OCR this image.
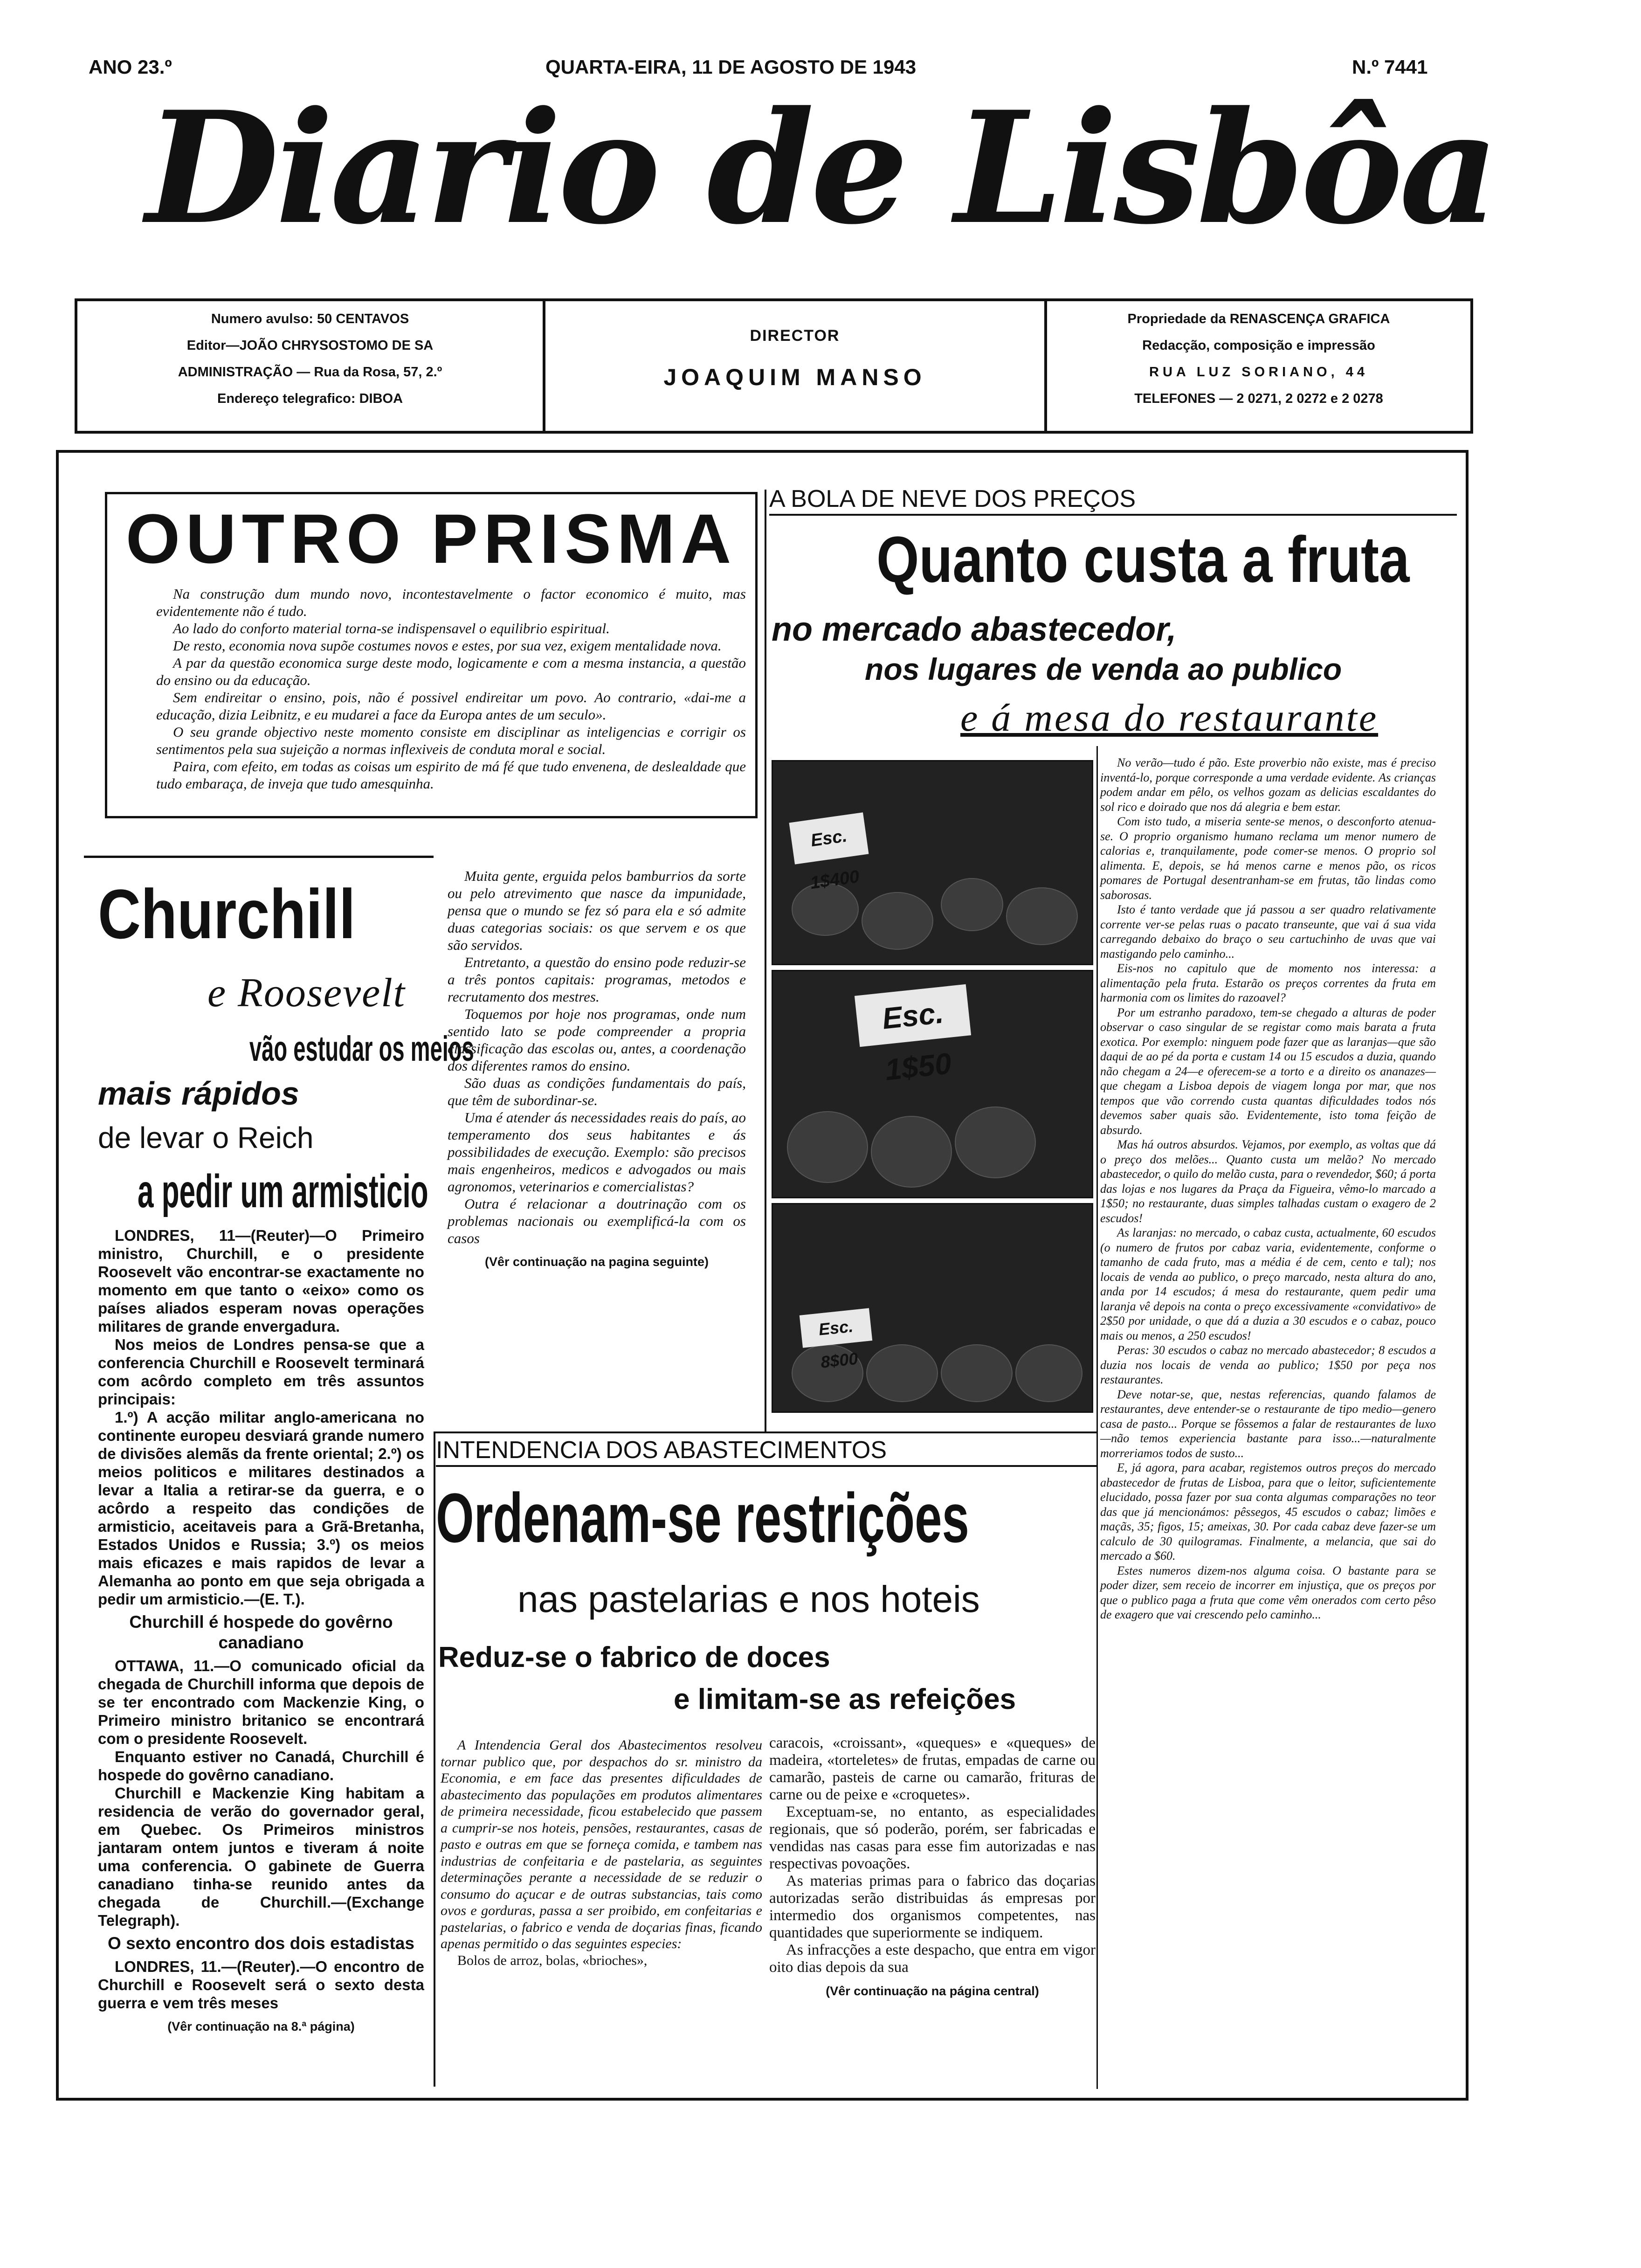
ANO 23.º	QUARTA-EIRA, 11 DE AGOSTO DE 1943	N.º 7441
Diario de Lisbôa
Numero avulso: 50 CENTAVOS
Editor—JOÃO CHRYSOSTOMO DE SA
ADMINISTRAÇÃO — Rua da Rosa, 57, 2.º
Endereço telegrafico: DIBOA
DIRECTOR
JOAQUIM MANSO
Propriedade da RENASCENÇA GRAFICA
Redacção, composição e impressão
RUA LUZ SORIANO, 44
TELEFONES — 2 0271, 2 0272 e 2 0278
OUTRO PRISMA

Na construção dum mundo novo, incontestavelmente o factor economico é muito, mas evidentemente não é tudo.

Ao lado do conforto material torna-se indispensavel o equilibrio espiritual.

De resto, economia nova supõe costumes novos e estes, por sua vez, exigem mentalidade nova.

A par da questão economica surge deste modo, logicamente e com a mesma instancia, a questão do ensino ou da educação.

Sem endireitar o ensino, pois, não é possivel endireitar um povo. Ao contrario, «dai-me a educação, dizia Leibnitz, e eu mudarei a face da Europa antes de um seculo».

O seu grande objectivo neste momento consiste em disciplinar as inteligencias e corrigir os sentimentos pela sua sujeição a normas inflexiveis de conduta moral e social.

Paira, com efeito, em todas as coisas um espirito de má fé que tudo envenena, de deslealdade que tudo embaraça, de inveja que tudo amesquinha.

Muita gente, erguida pelos bamburrios da sorte ou pelo atrevimento que nasce da impunidade, pensa que o mundo se fez só para ela e só admite duas categorias sociais: os que servem e os que são servidos.

Entretanto, a questão do ensino pode reduzir-se a três pontos capitais: programas, metodos e recrutamento dos mestres.

Toquemos por hoje nos programas, onde num sentido lato se pode compreender a propria classificação das escolas ou, antes, a coordenação dos diferentes ramos do ensino.

São duas as condições fundamentais do país, que têm de subordinar-se.

Uma é atender ás necessidades reais do país, ao temperamento dos seus habitantes e ás possibilidades de execução. Exemplo: são precisos mais engenheiros, medicos e advogados ou mais agronomos, veterinarios e comercialistas?

Outra é relacionar a doutrinação com os problemas nacionais ou exemplificá-la com os casos

(Vêr continuação na pagina seguinte)
Churchill
e Roosevelt
vão estudar os meios
mais rápidos
de levar o Reich
a pedir um armisticio

LONDRES, 11—(Reuter)—O Primeiro ministro, Churchill, e o presidente Roosevelt vão encontrar-se exactamente no momento em que tanto o «eixo» como os países aliados esperam novas operações militares de grande envergadura.

Nos meios de Londres pensa-se que a conferencia Churchill e Roosevelt terminará com acôrdo completo em três assuntos principais:

1.º) A acção militar anglo-americana no continente europeu desviará grande numero de divisões alemãs da frente oriental; 2.º) os meios politicos e militares destinados a levar a Italia a retirar-se da guerra, e o acôrdo a respeito das condições de armisticio, aceitaveis para a Grã-Bretanha, Estados Unidos e Russia; 3.º) os meios mais eficazes e mais rapidos de levar a Alemanha ao ponto em que seja obrigada a pedir um armisticio.—(E. T.).

Churchill é hospede do govêrno canadiano

OTTAWA, 11.—O comunicado oficial da chegada de Churchill informa que depois de se ter encontrado com Mackenzie King, o Primeiro ministro britanico se encontrará com o presidente Roosevelt.

Enquanto estiver no Canadá, Churchill é hospede do govêrno canadiano.

Churchill e Mackenzie King habitam a residencia de verão do governador geral, em Quebec. Os Primeiros ministros jantaram ontem juntos e tiveram á noite uma conferencia. O gabinete de Guerra canadiano tinha-se reunido antes da chegada de Churchill.—(Exchange Telegraph).

O sexto encontro dos dois estadistas

LONDRES, 11.—(Reuter).—O encontro de Churchill e Roosevelt será o sexto desta guerra e vem três meses

(Vêr continuação na 8.ª página)
A BOLA DE NEVE DOS PREÇOS
Quanto custa a fruta
no mercado abastecedor,
nos lugares de venda ao publico
e á mesa do restaurante
Esc. 1$400
Esc. 1$50
Esc. 8$00

No verão—tudo é pão. Este proverbio não existe, mas é preciso inventá-lo, porque corresponde a uma verdade evidente. As crianças podem andar em pêlo, os velhos gozam as delicias escaldantes do sol rico e doirado que nos dá alegria e bem estar.

Com isto tudo, a miseria sente-se menos, o desconforto atenua-se. O proprio organismo humano reclama um menor numero de calorias e, tranquilamente, pode comer-se menos. O proprio sol alimenta. E, depois, se há menos carne e menos pão, os ricos pomares de Portugal desentranham-se em frutas, tão lindas como saborosas.

Isto é tanto verdade que já passou a ser quadro relativamente corrente ver-se pelas ruas o pacato transeunte, que vai á sua vida carregando debaixo do braço o seu cartuchinho de uvas que vai mastigando pelo caminho...

Eis-nos no capitulo que de momento nos interessa: a alimentação pela fruta. Estarão os preços correntes da fruta em harmonia com os limites do razoavel?

Por um estranho paradoxo, tem-se chegado a alturas de poder observar o caso singular de se registar como mais barata a fruta exotica. Por exemplo: ninguem pode fazer que as laranjas—que são daqui de ao pé da porta e custam 14 ou 15 escudos a duzia, quando não chegam a 24—e oferecem-se a torto e a direito os ananazes—que chegam a Lisboa depois de viagem longa por mar, que nos tempos que vão correndo custa quantas dificuldades todos nós devemos saber quais são. Evidentemente, isto toma feição de absurdo.

Mas há outros absurdos. Vejamos, por exemplo, as voltas que dá o preço dos melões... Quanto custa um melão? No mercado abastecedor, o quilo do melão custa, para o revendedor, $60; á porta das lojas e nos lugares da Praça da Figueira, vêmo-lo marcado a 1$50; no restaurante, duas simples talhadas custam o exagero de 2 escudos!

As laranjas: no mercado, o cabaz custa, actualmente, 60 escudos (o numero de frutos por cabaz varia, evidentemente, conforme o tamanho de cada fruto, mas a média é de cem, cento e tal); nos locais de venda ao publico, o preço marcado, nesta altura do ano, anda por 14 escudos; á mesa do restaurante, quem pedir uma laranja vê depois na conta o preço excessivamente «convidativo» de 2$50 por unidade, o que dá a duzia a 30 escudos e o cabaz, pouco mais ou menos, a 250 escudos!

Peras: 30 escudos o cabaz no mercado abastecedor; 8 escudos a duzia nos locais de venda ao publico; 1$50 por peça nos restaurantes.

Deve notar-se, que, nestas referencias, quando falamos de restaurantes, deve entender-se o restaurante de tipo medio—genero casa de pasto... Porque se fôssemos a falar de restaurantes de luxo—não temos experiencia bastante para isso...—naturalmente morreriamos todos de susto...

E, já agora, para acabar, registemos outros preços do mercado abastecedor de frutas de Lisboa, para que o leitor, suficientemente elucidado, possa fazer por sua conta algumas comparações no teor das que já mencionámos: pêssegos, 45 escudos o cabaz; limões e maçãs, 35; figos, 15; ameixas, 30. Por cada cabaz deve fazer-se um calculo de 30 quilogramas. Finalmente, a melancia, que sai do mercado a $60.

Estes numeros dizem-nos alguma coisa. O bastante para se poder dizer, sem receio de incorrer em injustiça, que os preços por que o publico paga a fruta que come vêm onerados com certo pêso de exagero que vai crescendo pelo caminho...

INTENDENCIA DOS ABASTECIMENTOS
Ordenam-se restrições
nas pastelarias e nos hoteis
Reduz-se o fabrico de doces
e limitam-se as refeições

A Intendencia Geral dos Abastecimentos resolveu tornar publico que, por despachos do sr. ministro da Economia, e em face das presentes dificuldades de abastecimento das populações em produtos alimentares de primeira necessidade, ficou estabelecido que passem a cumprir-se nos hoteis, pensões, restaurantes, casas de pasto e outras em que se forneça comida, e tambem nas industrias de confeitaria e de pastelaria, as seguintes determinações perante a necessidade de se reduzir o consumo do açucar e de outras substancias, tais como ovos e gorduras, passa a ser proibido, em confeitarias e pastelarias, o fabrico e venda de doçarias finas, ficando apenas permitido o das seguintes especies:

Bolos de arroz, bolas, «brioches»,

caracois, «croissant», «queques» e «queques» de madeira, «torteletes» de frutas, empadas de carne ou camarão, pasteis de carne ou camarão, frituras de carne ou de peixe e «croquetes».

Exceptuam-se, no entanto, as especialidades regionais, que só poderão, porém, ser fabricadas e vendidas nas casas para esse fim autorizadas e nas respectivas povoações.

As materias primas para o fabrico das doçarias autorizadas serão distribuidas ás empresas por intermedio dos organismos competentes, nas quantidades que superiormente se indiquem.

As infracções a este despacho, que entra em vigor oito dias depois da sua

(Vêr continuação na página central)
